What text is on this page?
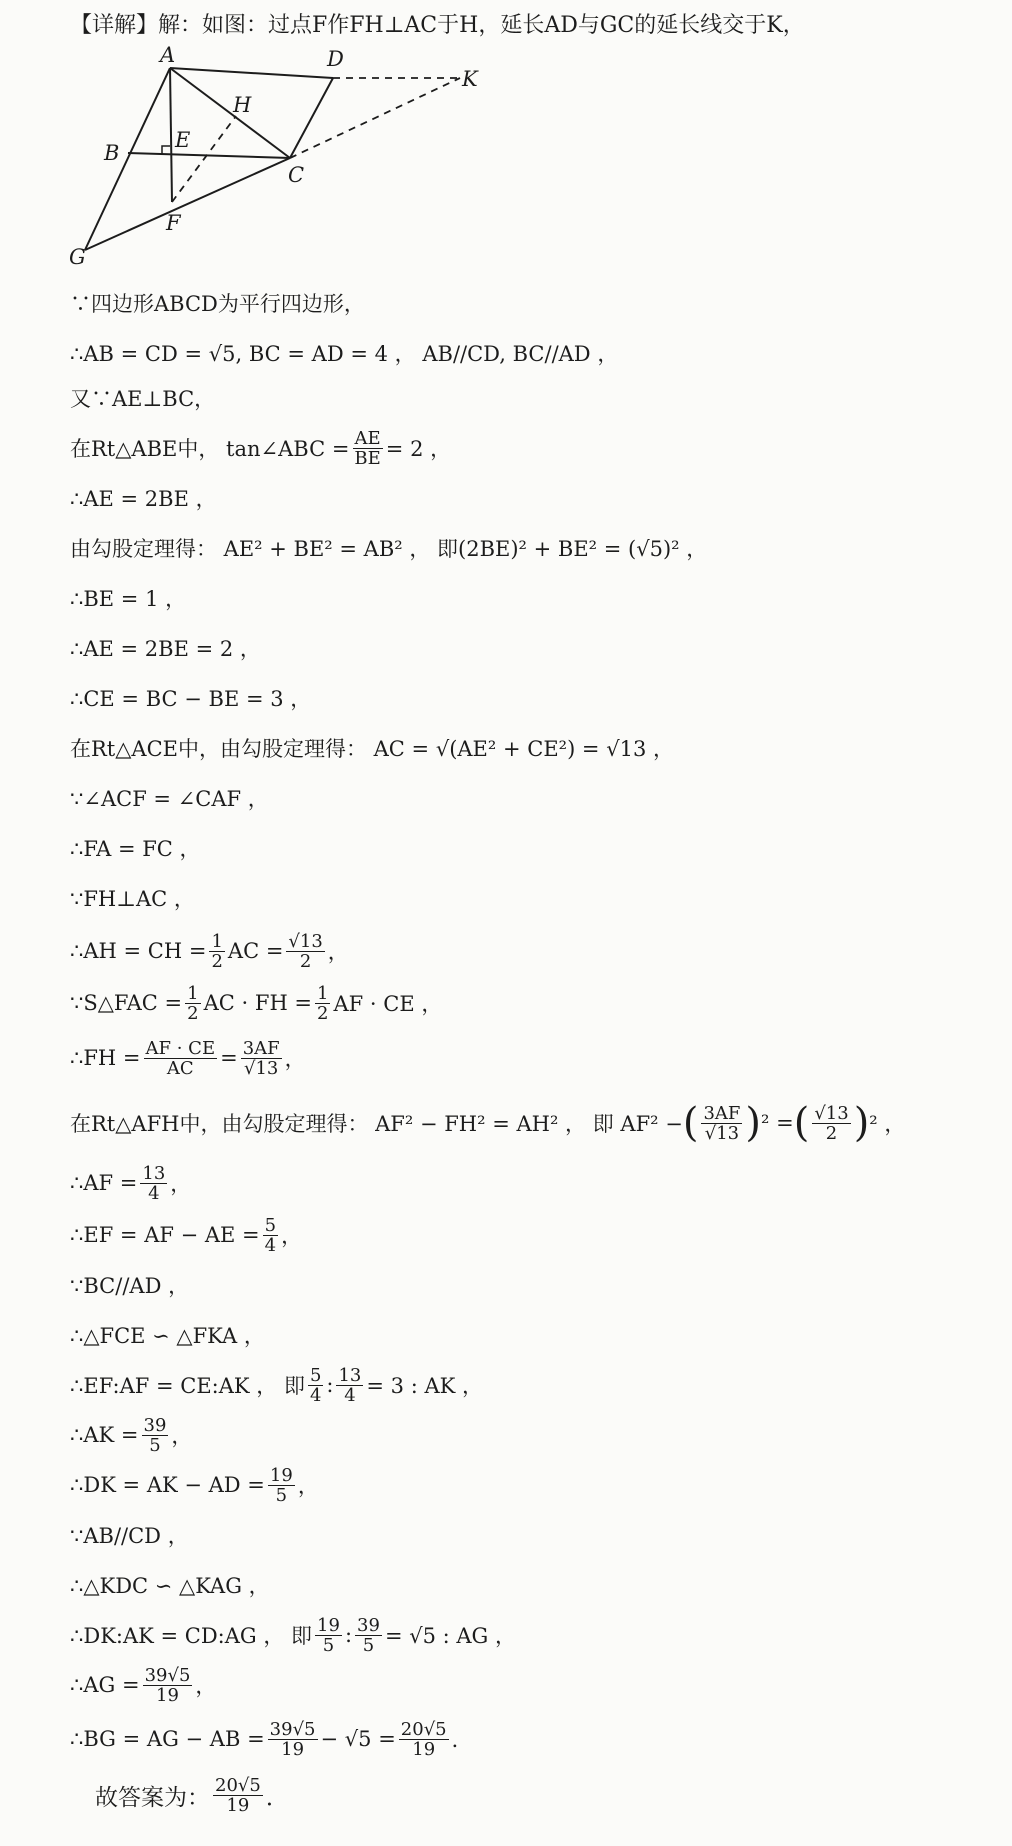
【详解】解：如图：过点F作FH⊥AC于H，延长AD与GC的延长线交于K，
A	D
K
H
B
E
C
F
G
∵四边形ABCD为平行四边形，
∴AB = CD = √5, BC = AD = 4 ， AB//CD, BC//AD ，
又∵AE⊥BC，
在Rt△ABE中， tan∠ABC = $\frac{AE}{BE} = 2$ ，
∴AE = 2BE ，
由勾股定理得： AE² + BE² = AB² ， 即(2BE)² + BE² = (√5)² ，
∴BE = 1 ，
∴AE = 2BE = 2 ，
∴CE = BC − BE = 3 ，
在Rt△ACE中，由勾股定理得： AC = √(AE² + CE²) = √13 ，
∵∠ACF = ∠CAF ，
∴FA = FC ，
∵FH⊥AC ，
∴AH = CH = $\frac{1}{2}$ AC = $\frac{√13}{2}$ ，
∵S△FAC = $\frac{1}{2}$ AC · FH = $\frac{1}{2}$ AF · CE ，
∴FH = $\frac{AF \cdot CE}{AC} = \frac{3AF}{√13}$ ，
在Rt△AFH中，由勾股定理得： AF² − FH² = AH² ， 即 AF² − ( $\frac{3AF}{√13}$ ) ² = ( $\frac{√13}{2}$ ) ² ，
∴AF = $\frac{13}{4}$ ，
∴EF = AF − AE = $\frac{5}{4}$ ，
∵BC//AD ，
∴△FCE ∽ △FKA ，
∴EF:AF = CE:AK ， 即 $\frac{5}{4}$ : $\frac{13}{4} = 3$ : AK ，
∴AK = $\frac{39}{5}$ ，
∴DK = AK − AD = $\frac{19}{5}$ ，
∵AB//CD ，
∴△KDC ∽ △KAG ，
∴DK:AK = CD:AG ， 即 $\frac{19}{5}$ : $\frac{39}{5} = √5$ : AG ，
∴AG = $\frac{39√5}{19}$ ，
∴BG = AG − AB = $\frac{39√5}{19} - √5 = \frac{20√5}{19}$ ．
故答案为： $\frac{20√5}{19}$ ．
